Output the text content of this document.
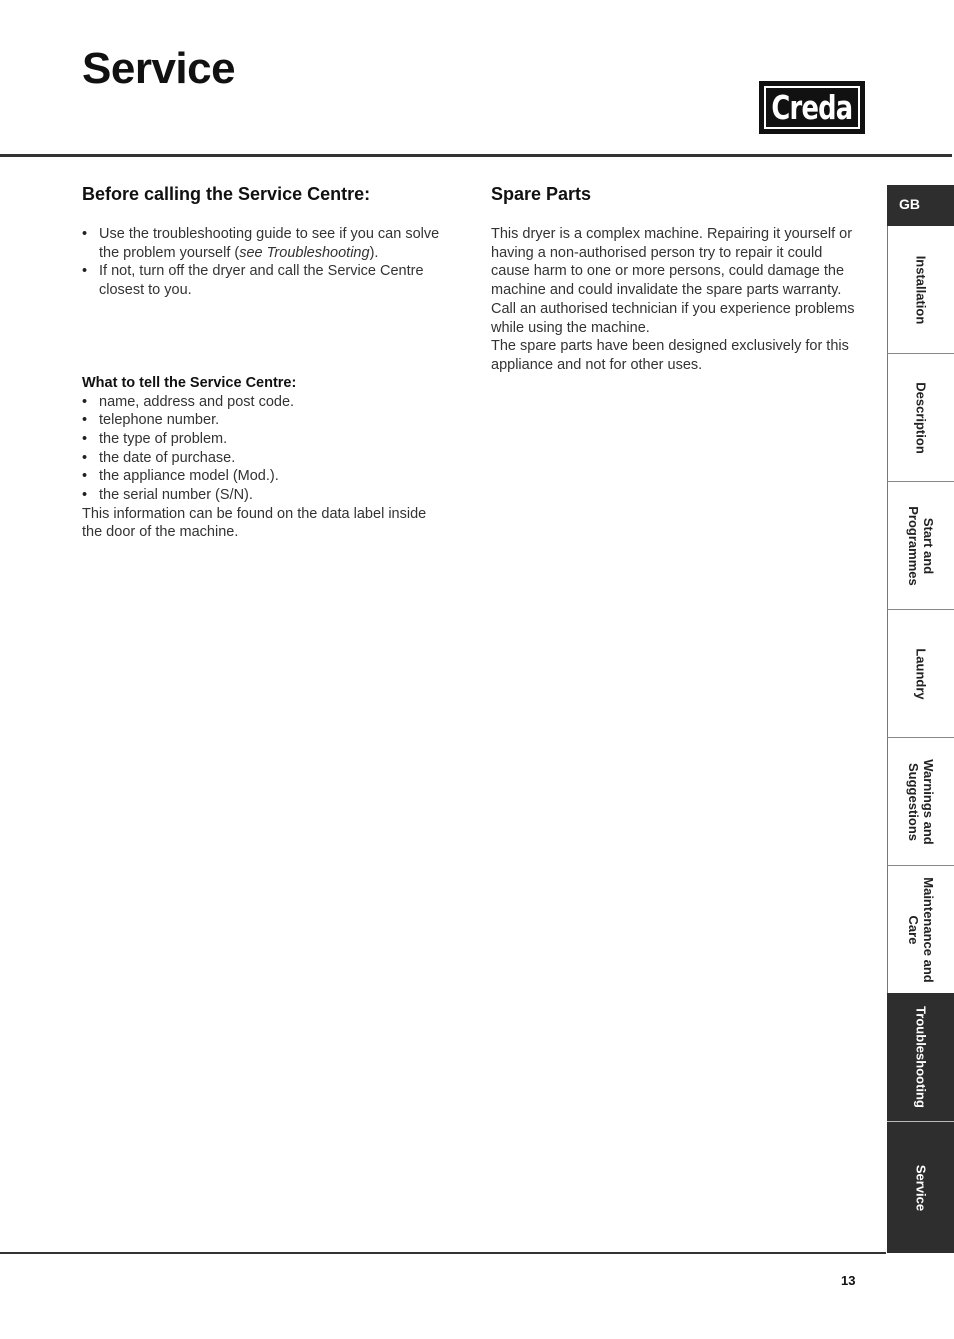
Service
Creda
Before calling the Service Centre:
• Use the troubleshooting guide to see if you can solve the problem yourself (see Troubleshooting).
• If not, turn off the dryer and call the Service Centre closest to you.

What to tell the Service Centre:

• name, address and post code.
• telephone number.
• the type of problem.
• the date of purchase.
• the appliance model (Mod.).
• the serial number (S/N).

This information can be found on the data label inside the door of the machine.

Spare Parts

This dryer is a complex machine. Repairing it yourself or having a non-authorised person try to repair it could cause harm to one or more persons, could damage the machine and could invalidate the spare parts warranty.

Call an authorised technician if you experience problems while using the machine.

The spare parts have been designed exclusively for this appliance and not for other uses.

GB
Installation
Description
Start and
Programmes
Laundry
Warnings and
Suggestions
Maintenance and
Care
Troubleshooting
Service
13
